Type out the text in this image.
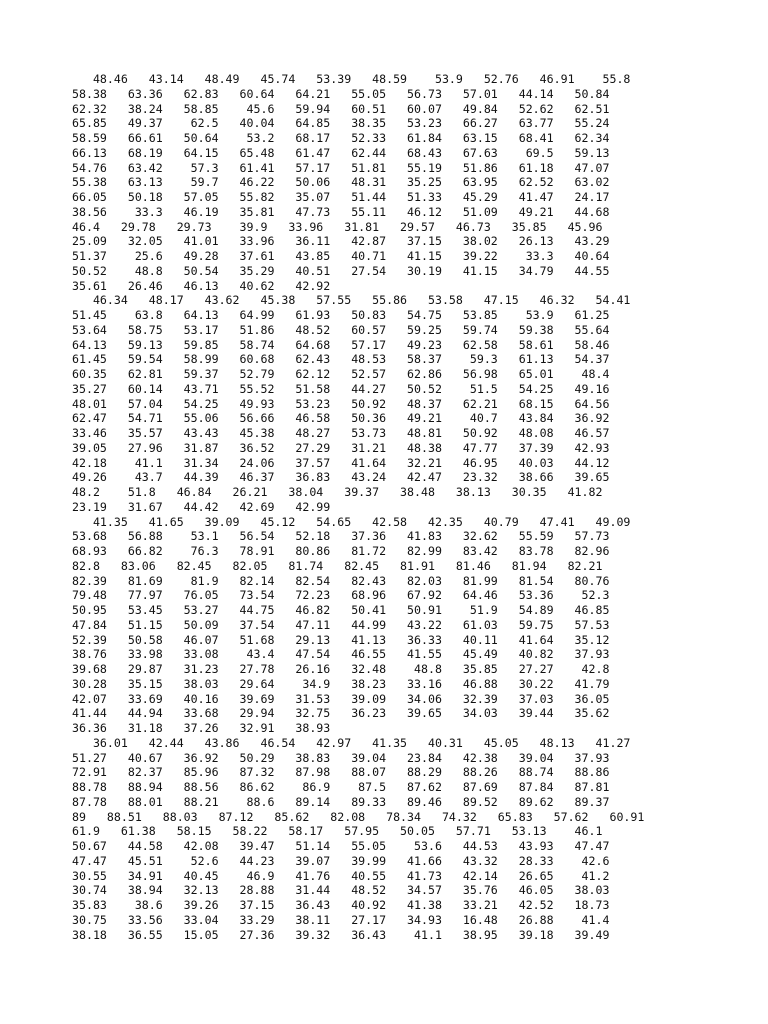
48.46   43.14   48.49   45.74   53.39   48.59    53.9   52.76   46.91    55.8
58.38   63.36   62.83   60.64   64.21   55.05   56.73   57.01   44.14   50.84
62.32   38.24   58.85    45.6   59.94   60.51   60.07   49.84   52.62   62.51
65.85   49.37    62.5   40.04   64.85   38.35   53.23   66.27   63.77   55.24
58.59   66.61   50.64    53.2   68.17   52.33   61.84   63.15   68.41   62.34
66.13   68.19   64.15   65.48   61.47   62.44   68.43   67.63    69.5   59.13
54.76   63.42    57.3   61.41   57.17   51.81   55.19   51.86   61.18   47.07
55.38   63.13    59.7   46.22   50.06   48.31   35.25   63.95   62.52   63.02
66.05   50.18   57.05   55.82   35.07   51.44   51.33   45.29   41.47   24.17
38.56    33.3   46.19   35.81   47.73   55.11   46.12   51.09   49.21   44.68
46.4   29.78   29.73    39.9   33.96   31.81   29.57   46.73   35.85   45.96
25.09   32.05   41.01   33.96   36.11   42.87   37.15   38.02   26.13   43.29
51.37    25.6   49.28   37.61   43.85   40.71   41.15   39.22    33.3   40.64
50.52    48.8   50.54   35.29   40.51   27.54   30.19   41.15   34.79   44.55
35.61   26.46   46.13   40.62   42.92
46.34   48.17   43.62   45.38   57.55   55.86   53.58   47.15   46.32   54.41
51.45    63.8   64.13   64.99   61.93   50.83   54.75   53.85    53.9   61.25
53.64   58.75   53.17   51.86   48.52   60.57   59.25   59.74   59.38   55.64
64.13   59.13   59.85   58.74   64.68   57.17   49.23   62.58   58.61   58.46
61.45   59.54   58.99   60.68   62.43   48.53   58.37    59.3   61.13   54.37
60.35   62.81   59.37   52.79   62.12   52.57   62.86   56.98   65.01    48.4
35.27   60.14   43.71   55.52   51.58   44.27   50.52    51.5   54.25   49.16
48.01   57.04   54.25   49.93   53.23   50.92   48.37   62.21   68.15   64.56
62.47   54.71   55.06   56.66   46.58   50.36   49.21    40.7   43.84   36.92
33.46   35.57   43.43   45.38   48.27   53.73   48.81   50.92   48.08   46.57
39.05   27.96   31.87   36.52   27.29   31.21   48.38   47.77   37.39   42.93
42.18    41.1   31.34   24.06   37.57   41.64   32.21   46.95   40.03   44.12
49.26    43.7   44.39   46.37   36.83   43.24   42.47   23.32   38.66   39.65
48.2    51.8   46.84   26.21   38.04   39.37   38.48   38.13   30.35   41.82
23.19   31.67   44.42   42.69   42.99
41.35   41.65   39.09   45.12   54.65   42.58   42.35   40.79   47.41   49.09
53.68   56.88    53.1   56.54   52.18   37.36   41.83   32.62   55.59   57.73
68.93   66.82    76.3   78.91   80.86   81.72   82.99   83.42   83.78   82.96
82.8   83.06   82.45   82.05   81.74   82.45   81.91   81.46   81.94   82.21
82.39   81.69    81.9   82.14   82.54   82.43   82.03   81.99   81.54   80.76
79.48   77.97   76.05   73.54   72.23   68.96   67.92   64.46   53.36    52.3
50.95   53.45   53.27   44.75   46.82   50.41   50.91    51.9   54.89   46.85
47.84   51.15   50.09   37.54   47.11   44.99   43.22   61.03   59.75   57.53
52.39   50.58   46.07   51.68   29.13   41.13   36.33   40.11   41.64   35.12
38.76   33.98   33.08    43.4   47.54   46.55   41.55   45.49   40.82   37.93
39.68   29.87   31.23   27.78   26.16   32.48    48.8   35.85   27.27    42.8
30.28   35.15   38.03   29.64    34.9   38.23   33.16   46.88   30.22   41.79
42.07   33.69   40.16   39.69   31.53   39.09   34.06   32.39   37.03   36.05
41.44   44.94   33.68   29.94   32.75   36.23   39.65   34.03   39.44   35.62
36.36   31.18   37.26   32.91   38.93
36.01   42.44   43.86   46.54   42.97   41.35   40.31   45.05   48.13   41.27
51.27   40.67   36.92   50.29   38.83   39.04   23.84   42.38   39.04   37.93
72.91   82.37   85.96   87.32   87.98   88.07   88.29   88.26   88.74   88.86
88.78   88.94   88.56   86.62    86.9    87.5   87.62   87.69   87.84   87.81
87.78   88.01   88.21    88.6   89.14   89.33   89.46   89.52   89.62   89.37
89   88.51   88.03   87.12   85.62   82.08   78.34   74.32   65.83   57.62   60.91
61.9   61.38   58.15   58.22   58.17   57.95   50.05   57.71   53.13    46.1
50.67   44.58   42.08   39.47   51.14   55.05    53.6   44.53   43.93   47.47
47.47   45.51    52.6   44.23   39.07   39.99   41.66   43.32   28.33    42.6
30.55   34.91   40.45    46.9   41.76   40.55   41.73   42.14   26.65    41.2
30.74   38.94   32.13   28.88   31.44   48.52   34.57   35.76   46.05   38.03
35.83    38.6   39.26   37.15   36.43   40.92   41.38   33.21   42.52   18.73
30.75   33.56   33.04   33.29   38.11   27.17   34.93   16.48   26.88    41.4
38.18   36.55   15.05   27.36   39.32   36.43    41.1   38.95   39.18   39.49
